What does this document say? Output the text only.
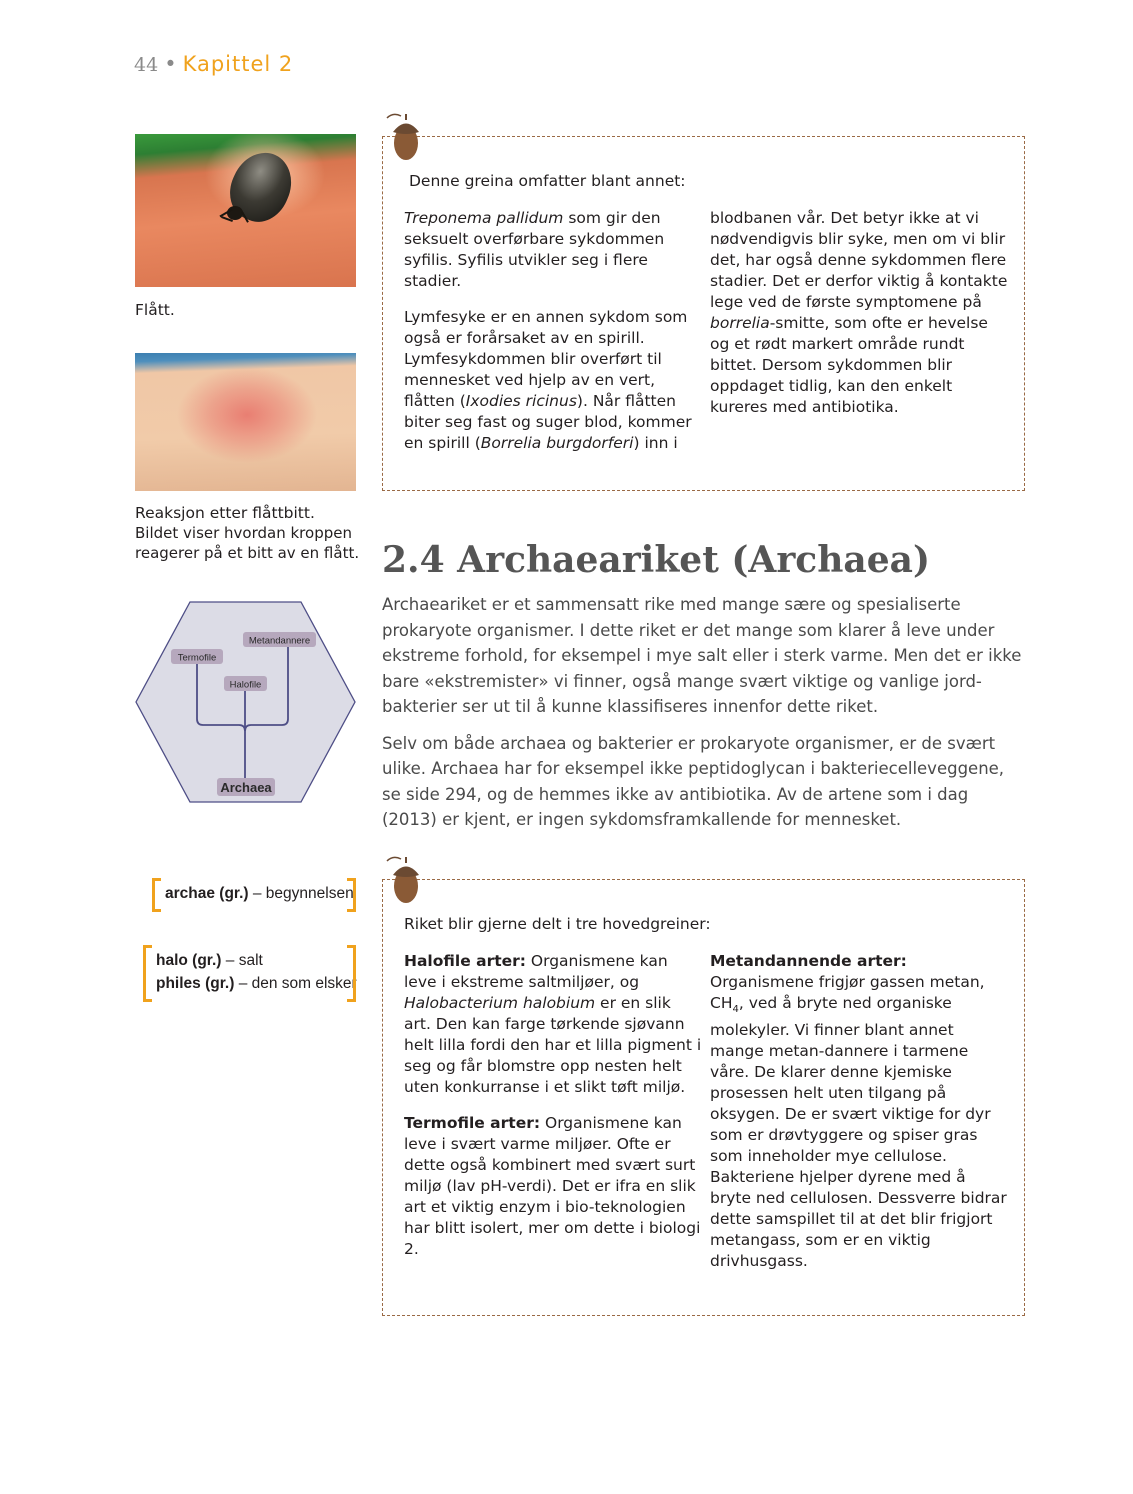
44 • Kapittel 2
Flått.
Reaksjon etter flåttbitt.
Bildet viser hvordan kroppen reagerer på et bitt av en flått.
Termofile
Halofile
Metandannere
Archaea
archae (gr.) – begynnelsen
halo (gr.) – salt
philes (gr.) – den som elsker
Denne greina omfatter blant annet:

Treponema pallidum som gir den seksuelt overførbare sykdommen syfilis. Syfilis utvikler seg i flere stadier.

Lymfesyke er en annen sykdom som også er forårsaket av en spirill. Lymfesykdommen blir overført til mennesket ved hjelp av en vert, flåtten (Ixodies ricinus). Når flåtten biter seg fast og suger blod, kommer en spirill (Borrelia burgdorferi) inn i

blodbanen vår. Det betyr ikke at vi nødvendigvis blir syke, men om vi blir det, har også denne sykdommen flere stadier. Det er derfor viktig å kontakte lege ved de første symptomene på borrelia-smitte, som ofte er hevelse og et rødt markert område rundt bittet. Dersom sykdommen blir oppdaget tidlig, kan den enkelt kureres med antibiotika.

2.4 Archaeariket (Archaea)

Archaeariket er et sammensatt rike med mange sære og spesialiserte prokaryote organismer. I dette riket er det mange som klarer å leve under ekstreme forhold, for eksempel i mye salt eller i sterk varme. Men det er ikke bare «ekstremister» vi finner, også mange svært viktige og vanlige jord-bakterier ser ut til å kunne klassifiseres innenfor dette riket.

Selv om både archaea og bakterier er prokaryote organismer, er de svært ulike. Archaea har for eksempel ikke peptidoglycan i bakteriecelleveggene, se side 294, og de hemmes ikke av antibiotika. Av de artene som i dag (2013) er kjent, er ingen sykdomsframkallende for mennesket.

Riket blir gjerne delt i tre hovedgreiner:

Halofile arter: Organismene kan leve i ekstreme saltmiljøer, og Halobacterium halobium er en slik art. Den kan farge tørkende sjøvann helt lilla fordi den har et lilla pigment i seg og får blomstre opp nesten helt uten konkurranse i et slikt tøft miljø.

Termofile arter: Organismene kan leve i svært varme miljøer. Ofte er dette også kombinert med svært surt miljø (lav pH-verdi). Det er ifra en slik art et viktig enzym i bio-teknologien har blitt isolert, mer om dette i biologi 2.

Metandannende arter: Organismene frigjør gassen metan, $CH_4$, ved å bryte ned organiske molekyler. Vi finner blant annet mange metan-dannere i tarmene våre. De klarer denne kjemiske prosessen helt uten tilgang på oksygen. De er svært viktige for dyr som er drøvtyggere og spiser gras som inneholder mye cellulose. Bakteriene hjelper dyrene med å bryte ned cellulosen. Dessverre bidrar dette samspillet til at det blir frigjort metangass, som er en viktig drivhusgass.
